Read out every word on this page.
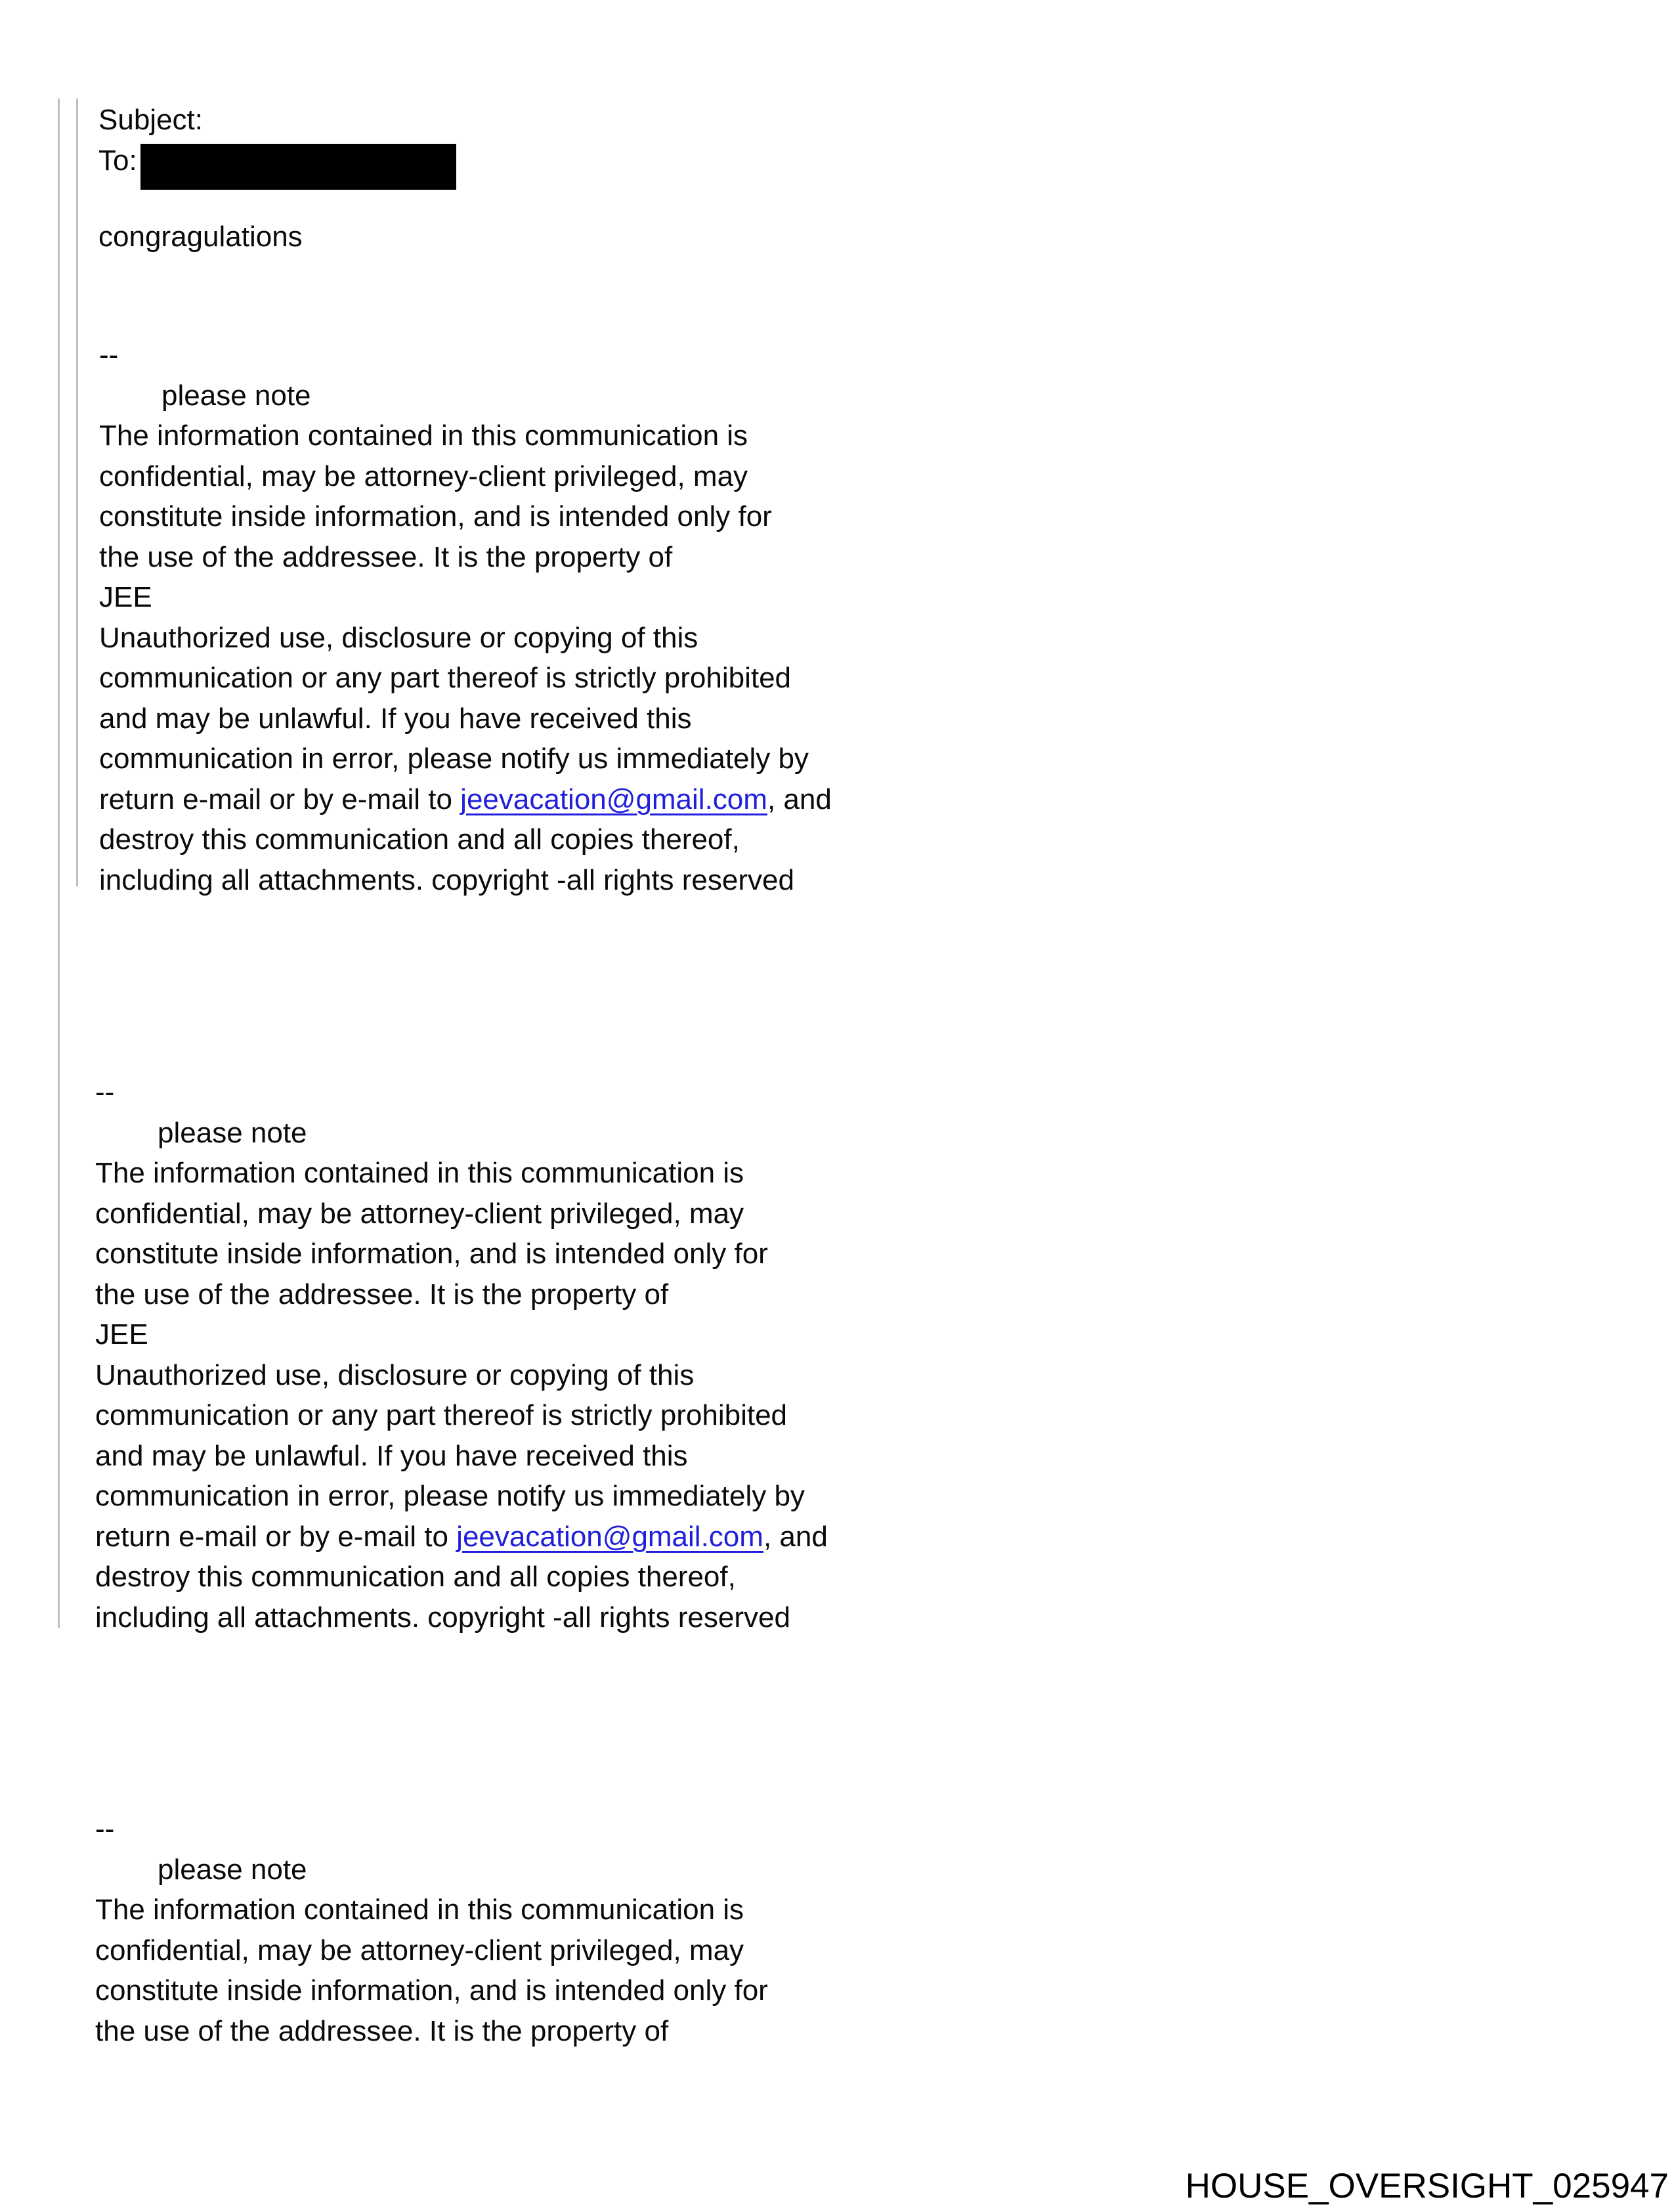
Subject:
To:
congragulations
--
please note
The information contained in this communication is
confidential, may be attorney-client privileged, may
constitute inside information, and is intended only for
the use of the addressee. It is the property of
JEE
Unauthorized use, disclosure or copying of this
communication or any part thereof is strictly prohibited
and may be unlawful. If you have received this
communication in error, please notify us immediately by
return e-mail or by e-mail to jeevacation@gmail.com, and
destroy this communication and all copies thereof,
including all attachments. copyright -all rights reserved
--
please note
The information contained in this communication is
confidential, may be attorney-client privileged, may
constitute inside information, and is intended only for
the use of the addressee. It is the property of
JEE
Unauthorized use, disclosure or copying of this
communication or any part thereof is strictly prohibited
and may be unlawful. If you have received this
communication in error, please notify us immediately by
return e-mail or by e-mail to jeevacation@gmail.com, and
destroy this communication and all copies thereof,
including all attachments. copyright -all rights reserved
--
please note
The information contained in this communication is
confidential, may be attorney-client privileged, may
constitute inside information, and is intended only for
the use of the addressee. It is the property of
HOUSE_OVERSIGHT_025947
